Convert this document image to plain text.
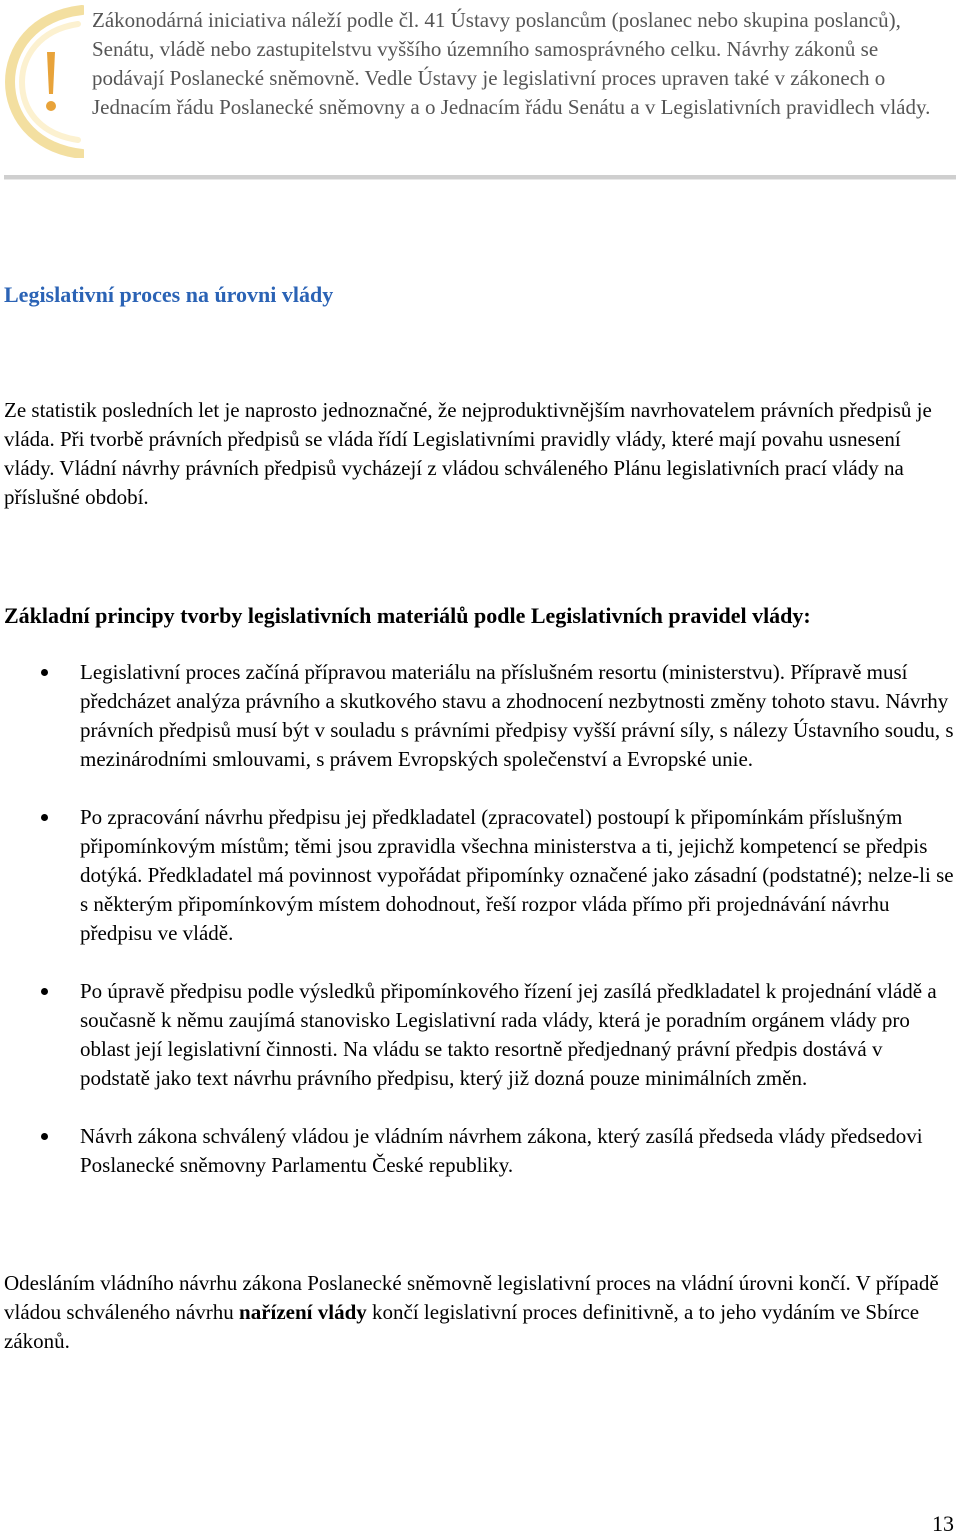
Zákonodárná iniciativa náleží podle čl. 41 Ústavy poslancům (poslanec nebo skupina poslanců), Senátu, vládě nebo zastupitelstvu vyššího územního samosprávného celku. Návrhy zákonů se podávají Poslanecké sněmovně. Vedle Ústavy je legislativní proces upraven také v zákonech o Jednacím řádu Poslanecké sněmovny a o Jednacím řádu Senátu a v Legislativních pravidlech vlády.
Legislativní proces na úrovni vlády

Ze statistik posledních let je naprosto jednoznačné, že nejproduktivnějším navrhovatelem právních předpisů je vláda. Při tvorbě právních předpisů se vláda řídí Legislativními pravidly vlády, které mají povahu usnesení vlády. Vládní návrhy právních předpisů vycházejí z vládou schváleného Plánu legislativních prací vlády na příslušné období.

Základní principy tvorby legislativních materiálů podle Legislativních pravidel vlády:

Legislativní proces začíná přípravou materiálu na příslušném resortu (ministerstvu). Přípravě musí předcházet analýza právního a skutkového stavu a zhodnocení nezbytnosti změny tohoto stavu. Návrhy právních předpisů musí být v souladu s právními předpisy vyšší právní síly, s nálezy Ústavního soudu, s mezinárodními smlouvami, s právem Evropských společenství a Evropské unie.
Po zpracování návrhu předpisu jej předkladatel (zpracovatel) postoupí k připomínkám příslušným připomínkovým místům; těmi jsou zpravidla všechna ministerstva a ti, jejichž kompetencí se předpis dotýká. Předkladatel má povinnost vypořádat připomínky označené jako zásadní (podstatné); nelze-li se s některým připomínkovým místem dohodnout, řeší rozpor vláda přímo při projednávání návrhu předpisu ve vládě.
Po úpravě předpisu podle výsledků připomínkového řízení jej zasílá předkladatel k projednání vládě a současně k němu zaujímá stanovisko Legislativní rada vlády, která je poradním orgánem vlády pro oblast její legislativní činnosti. Na vládu se takto resortně předjednaný právní předpis dostává v podstatě jako text návrhu právního předpisu, který již dozná pouze minimálních změn.
Návrh zákona schválený vládou je vládním návrhem zákona, který zasílá předseda vlády předsedovi Poslanecké sněmovny Parlamentu České republiky.

Odesláním vládního návrhu zákona Poslanecké sněmovně legislativní proces na vládní úrovni končí. V případě vládou schváleného návrhu nařízení vlády končí legislativní proces definitivně, a to jeho vydáním ve Sbírce zákonů.

13
